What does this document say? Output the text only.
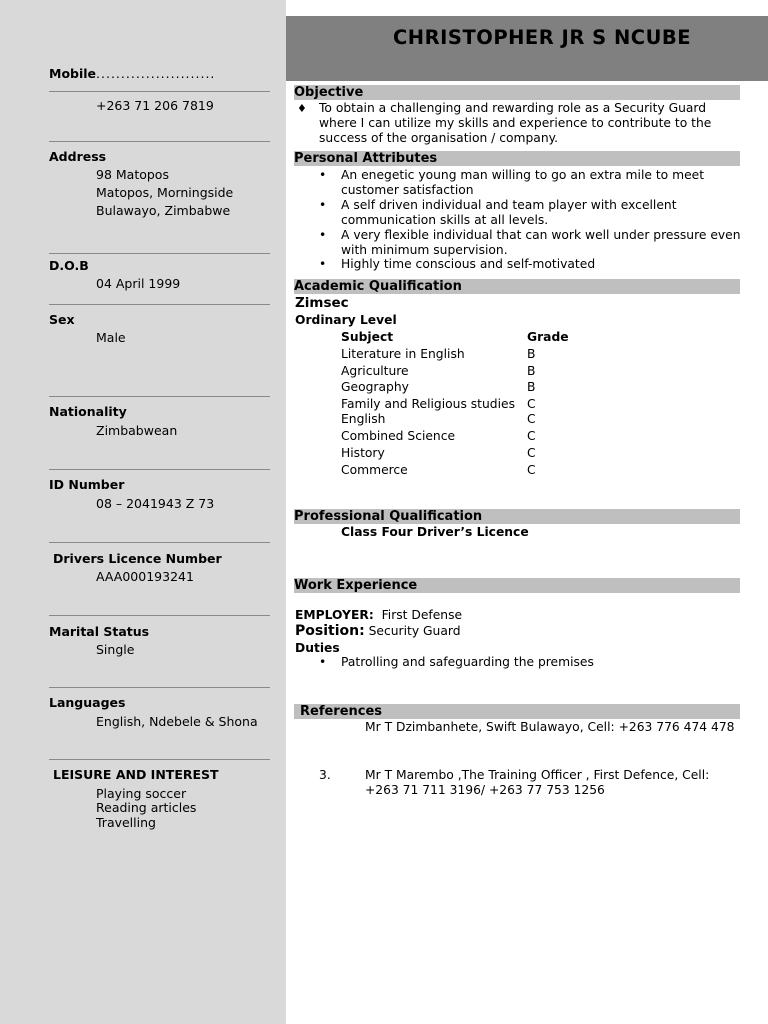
Mobile........................
+263 71 206 7819
Address
98 Matopos
Matopos, Morningside
Bulawayo, Zimbabwe
D.O.B
04 April 1999
Sex
Male
Nationality
Zimbabwean
ID Number
08 – 2041943 Z 73
Drivers Licence Number
AAA000193241
Marital Status
Single
Languages
English, Ndebele & Shona
LEISURE AND INTEREST
Playing soccer
Reading articles
Travelling
CHRISTOPHER JR S NCUBE
Objective
♦ To obtain a challenging and rewarding role as a Security Guard where I can utilize my skills and experience to contribute to the success of the organisation / company.
Personal Attributes
• An enegetic young man willing to go an extra mile to meet customer satisfaction
• A self driven individual and team player with excellent communication skills at all levels.
• A very flexible individual that can work well under pressure even with minimum supervision.
• Highly time conscious and self-motivated
Academic Qualification
Zimsec
Ordinary Level
Subject	Grade
Literature in English	B
Agriculture	B
Geography	B
Family and Religious studies C
English	C
Combined Science	C
History	C
Commerce	C
Professional Qualification
Class Four Driver’s Licence
Work Experience
EMPLOYER: First Defense
Position: Security Guard
Duties
• Patrolling and safeguarding the premises
References
Mr T Dzimbanhete, Swift Bulawayo, Cell: +263 776 474 478
3.	Mr T Marembo ,The Training Officer , First Defence, Cell: +263 71 711 3196/ +263 77 753 1256
